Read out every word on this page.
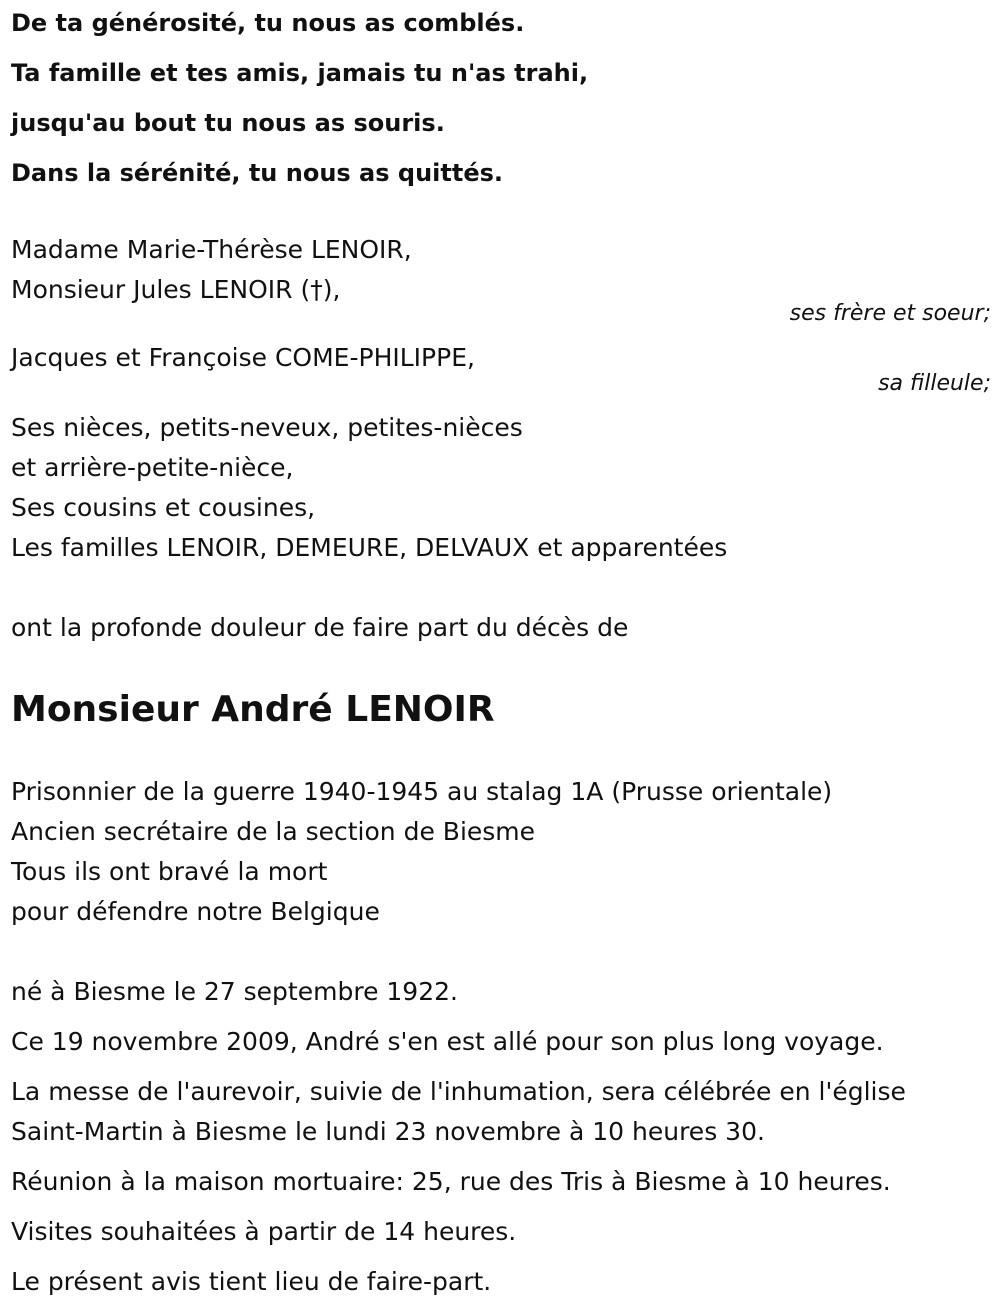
De ta générosité, tu nous as comblés.

Ta famille et tes amis, jamais tu n'as trahi,

jusqu'au bout tu nous as souris.

Dans la sérénité, tu nous as quittés.

Madame Marie-Thérèse LENOIR,

Monsieur Jules LENOIR (†),

ses frère et soeur;

Jacques et Françoise COME-PHILIPPE,

sa filleule;

Ses nièces, petits-neveux, petites-nièces

et arrière-petite-nièce,

Ses cousins et cousines,

Les familles LENOIR, DEMEURE, DELVAUX et apparentées

ont la profonde douleur de faire part du décès de

Monsieur André LENOIR

Prisonnier de la guerre 1940-1945 au stalag 1A (Prusse orientale)

Ancien secrétaire de la section de Biesme

Tous ils ont bravé la mort

pour défendre notre Belgique

né à Biesme le 27 septembre 1922.

Ce 19 novembre 2009, André s'en est allé pour son plus long voyage.

La messe de l'aurevoir, suivie de l'inhumation, sera célébrée en l'église

Saint-Martin à Biesme le lundi 23 novembre à 10 heures 30.

Réunion à la maison mortuaire: 25, rue des Tris à Biesme à 10 heures.

Visites souhaitées à partir de 14 heures.

Le présent avis tient lieu de faire-part.
